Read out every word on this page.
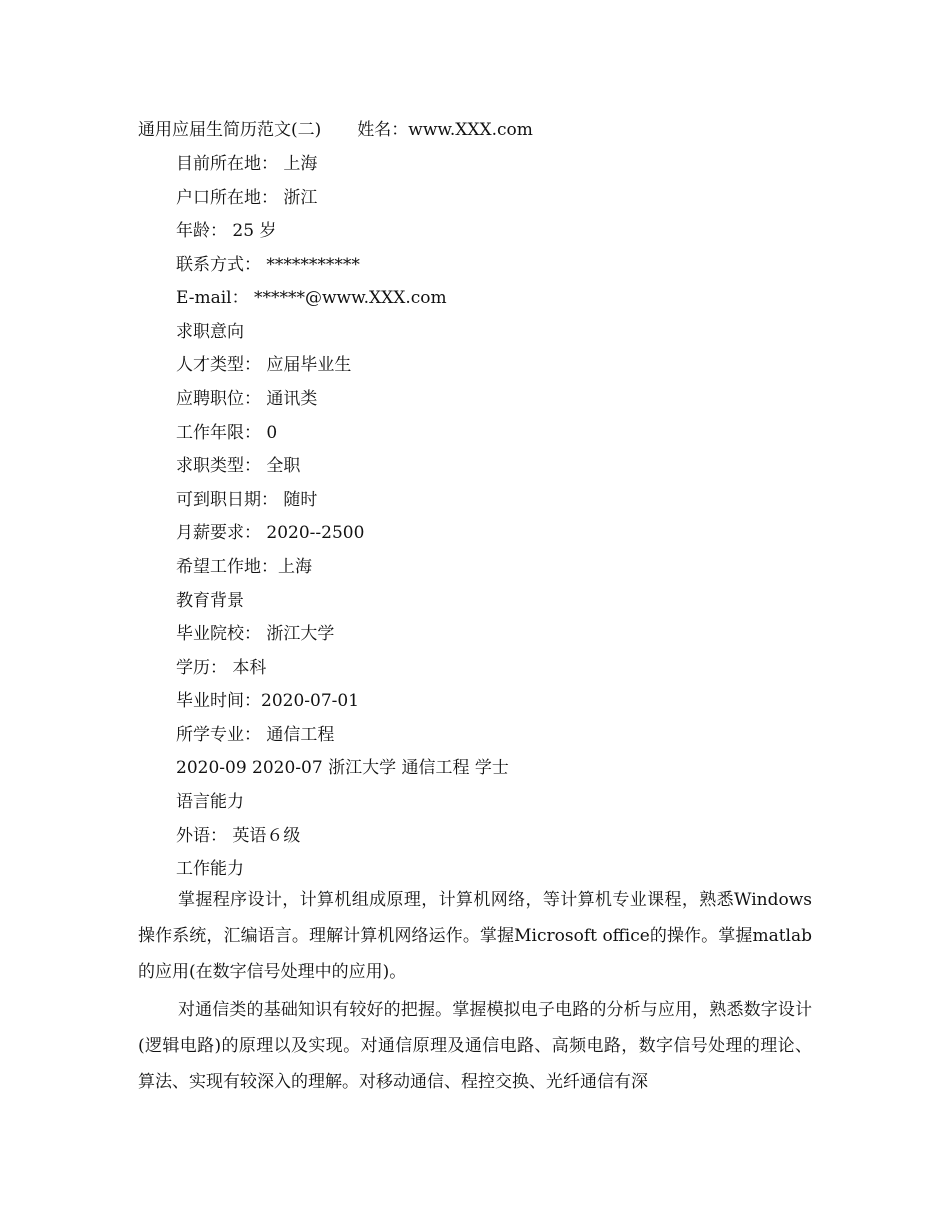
通用应届生简历范文(二) 姓名：www.XXX.com
目前所在地： 上海
户口所在地： 浙江
年龄： 25 岁
联系方式： ***********
E-mail： ******@www.XXX.com
求职意向
人才类型： 应届毕业生
应聘职位： 通讯类
工作年限： 0
求职类型： 全职
可到职日期： 随时
月薪要求： 2020--2500
希望工作地：上海
教育背景
毕业院校： 浙江大学
学历： 本科
毕业时间：2020-07-01
所学专业： 通信工程
2020-09 2020-07 浙江大学 通信工程 学士
语言能力
外语： 英语６级
工作能力

掌握程序设计，计算机组成原理，计算机网络，等计算机专业课程，熟悉Windows操作系统，汇编语言。理解计算机网络运作。掌握Microsoft office的操作。掌握matlab的应用(在数字信号处理中的应用)。

对通信类的基础知识有较好的把握。掌握模拟电子电路的分析与应用，熟悉数字设计(逻辑电路)的原理以及实现。对通信原理及通信电路、高频电路，数字信号处理的理论、算法、实现有较深入的理解。对移动通信、程控交换、光纤通信有深
